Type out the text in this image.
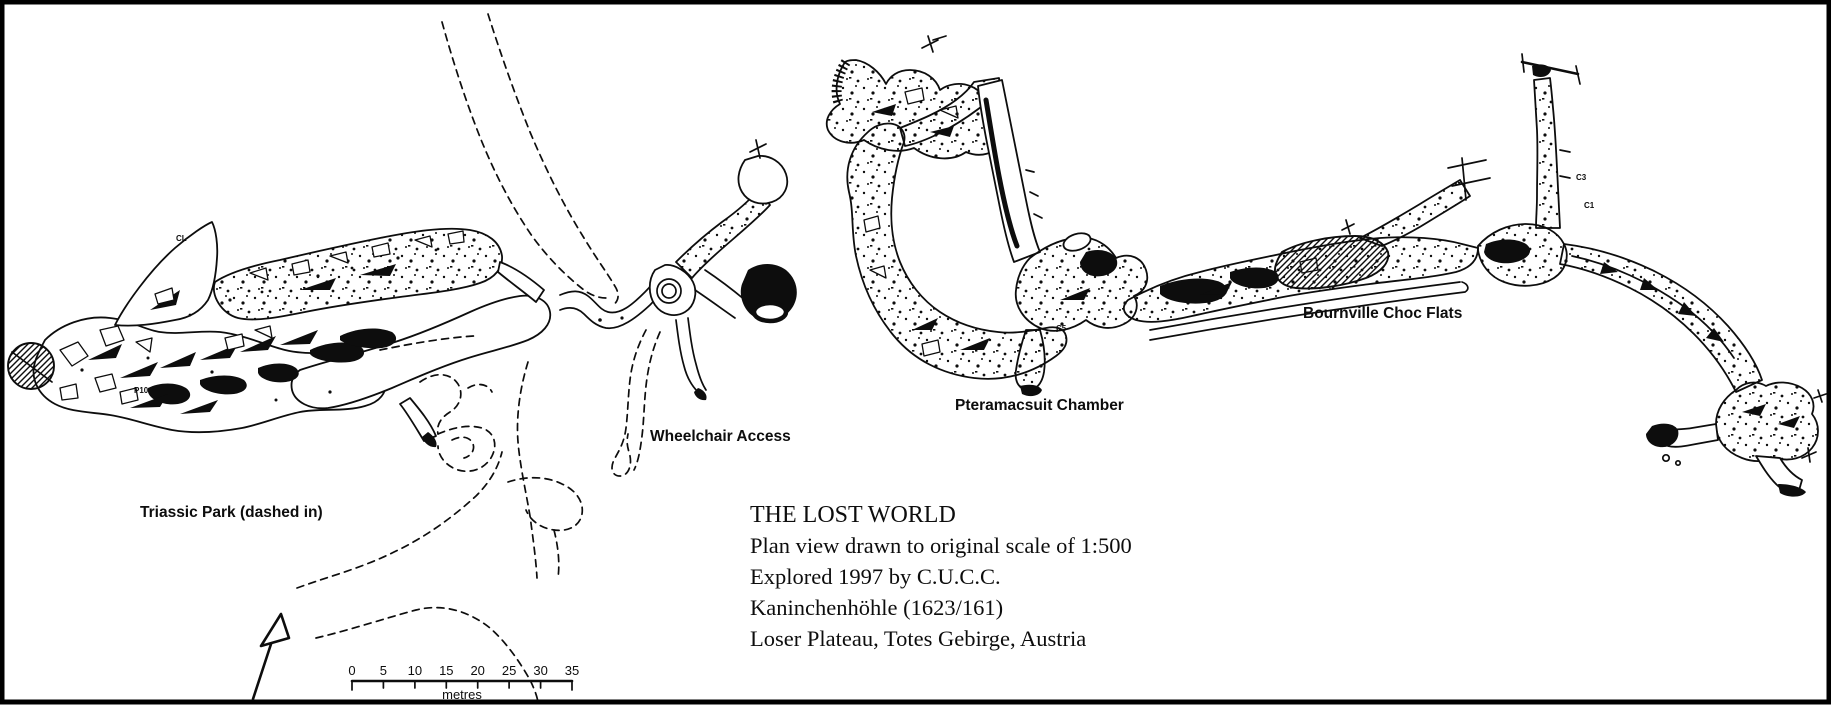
0 5 10 15 20 25 30 35
metres
Triassic Park (dashed in)
Wheelchair Access
Pteramacsuit Chamber
Bournville Choc Flats
CL
P10
C5
C3
C1
THE LOST WORLD
Plan view drawn to original scale of 1:500
Explored 1997 by C.U.C.C.
Kaninchenhöhle (1623/161)
Loser Plateau, Totes Gebirge, Austria
